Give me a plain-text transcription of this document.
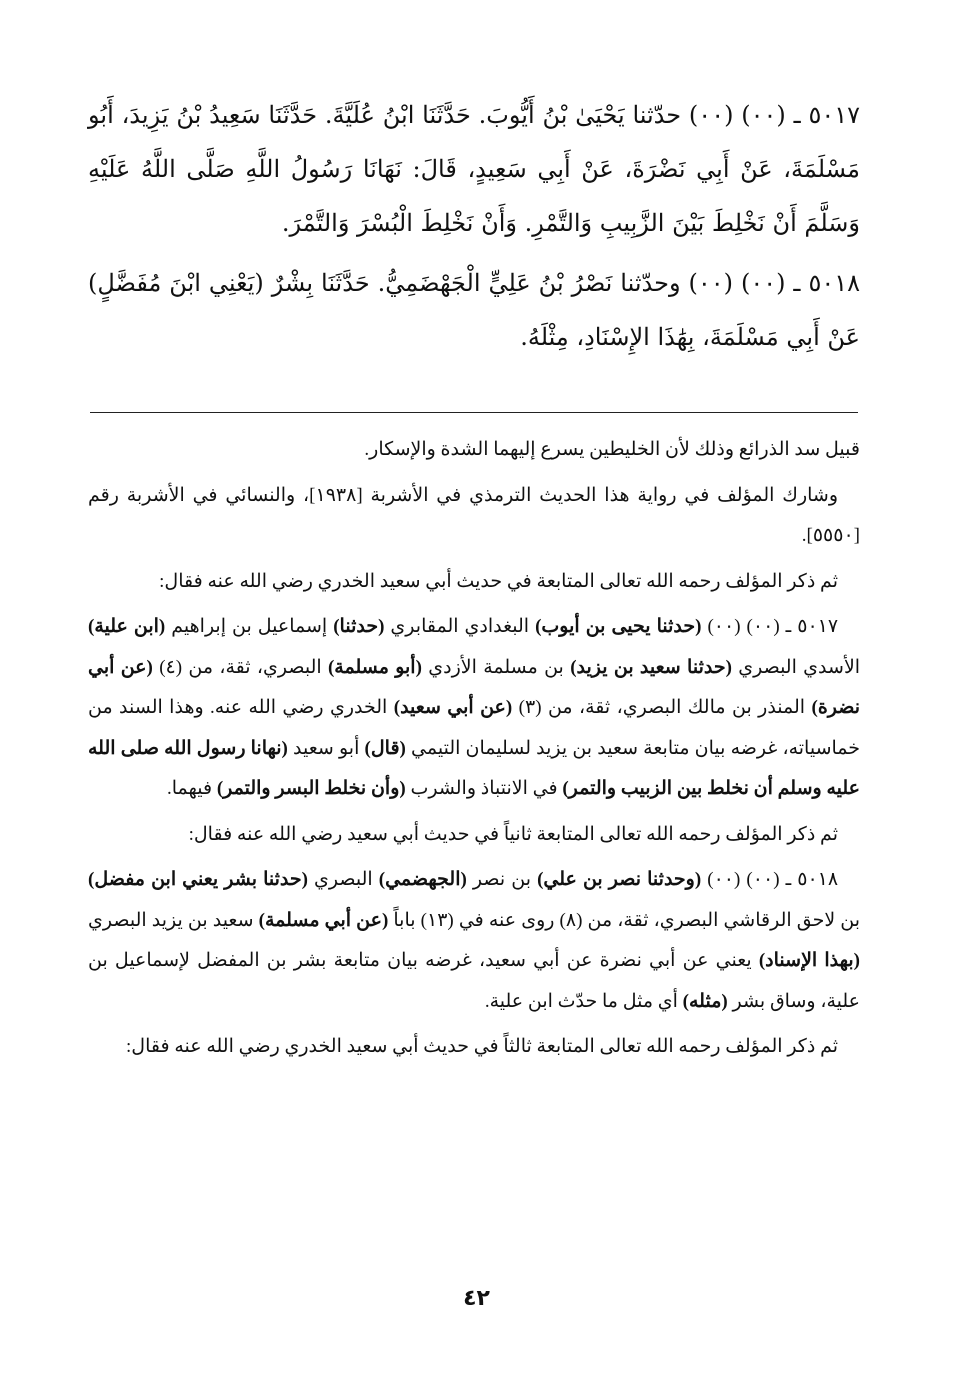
٥٠١٧ ـ (٠٠) (٠٠) حدّثنا يَحْيَىٰ بْنُ أَيُّوبَ. حَدَّثَنَا ابْنُ عُلَيَّةَ. حَدَّثَنَا سَعِيدُ بْنُ يَزِيدَ، أَبُو مَسْلَمَةَ، عَنْ أَبِي نَضْرَةَ، عَنْ أَبِي سَعِيدٍ، قَالَ: نَهَانَا رَسُولُ اللَّهِ صَلَّى اللَّهُ عَلَيْهِ وَسَلَّمَ أَنْ نَخْلِطَ بَيْنَ الزَّبِيبِ وَالتَّمْرِ. وَأَنْ نَخْلِطَ الْبُسْرَ وَالتَّمْرَ.

٥٠١٨ ـ (٠٠) (٠٠) وحدّثنا نَصْرُ بْنُ عَلِيٍّ الْجَهْضَمِيُّ. حَدَّثَنَا بِشْرٌ (يَعْنِي ابْنَ مُفَضَّلٍ) عَنْ أَبِي مَسْلَمَةَ، بِهَٰذَا الإِسْنَادِ، مِثْلَهُ.

قبيل سد الذرائع وذلك لأن الخليطين يسرع إليهما الشدة والإسكار.

وشارك المؤلف في رواية هذا الحديث الترمذي في الأشربة [١٩٣٨]، والنسائي في الأشربة رقم [٥٥٥٠].

ثم ذكر المؤلف رحمه الله تعالى المتابعة في حديث أبي سعيد الخدري رضي الله عنه فقال:

٥٠١٧ ـ (٠٠) (٠٠) (حدثنا يحيى بن أيوب) البغدادي المقابري (حدثنا) إسماعيل بن إبراهيم (ابن علية) الأسدي البصري (حدثنا سعيد بن يزيد) بن مسلمة الأزدي (أبو مسلمة) البصري، ثقة، من (٤) (عن أبي نضرة) المنذر بن مالك البصري، ثقة، من (٣) (عن أبي سعيد) الخدري رضي الله عنه. وهذا السند من خماسياته، غرضه بيان متابعة سعيد بن يزيد لسليمان التيمي (قال) أبو سعيد (نهانا رسول الله صلى الله عليه وسلم أن نخلط بين الزبيب والتمر) في الانتباذ والشرب (وأن نخلط البسر والتمر) فيهما.

ثم ذكر المؤلف رحمه الله تعالى المتابعة ثانياً في حديث أبي سعيد رضي الله عنه فقال:

٥٠١٨ ـ (٠٠) (٠٠) (وحدثنا نصر بن علي) بن نصر (الجهضمي) البصري (حدثنا بشر يعني ابن مفضل) بن لاحق الرقاشي البصري، ثقة، من (٨) روى عنه في (١٣) باباً (عن أبي مسلمة) سعيد بن يزيد البصري (بهذا الإسناد) يعني عن أبي نضرة عن أبي سعيد، غرضه بيان متابعة بشر بن المفضل لإسماعيل بن علية، وساق بشر (مثله) أي مثل ما حدّث ابن علية.

ثم ذكر المؤلف رحمه الله تعالى المتابعة ثالثاً في حديث أبي سعيد الخدري رضي الله عنه فقال:

٤٢
